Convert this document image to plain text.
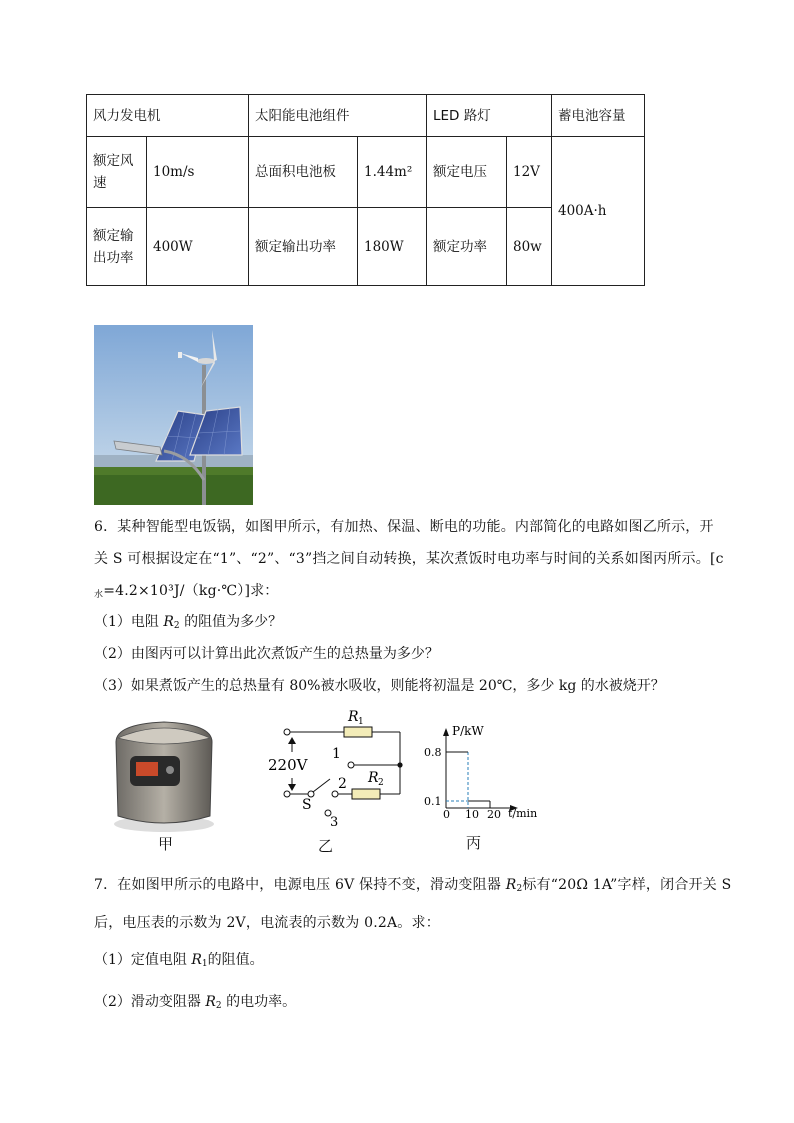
风力发电机		太阳能电池组件		LED 路灯		蓄电池容量
额定风速	10m/s	总面积电池板	1.44m²	额定电压	12V	400A·h
额定输出功率	400W	额定输出功率	180W	额定功率	80w	
6．某种智能型电饭锅，如图甲所示，有加热、保温、断电的功能。内部简化的电路如图乙所示，开
关 S 可根据设定在“1”、“2”、“3”挡之间自动转换，某次煮饭时电功率与时间的关系如图丙所示。[c
水=4.2×10³J/（kg·℃）]求：
（1）电阻 R2 的阻值为多少？
（2）由图丙可以计算出此次煮饭产生的总热量为多少？
（3）如果煮饭产生的总热量有 80%被水吸收，则能将初温是 20℃，多少 kg 的水被烧开？
220V
R 1
R 2
1
2
3
S
P/kW
t/min
0 10 20
0.8
0.1
甲	乙	丙
7．在如图甲所示的电路中，电源电压 6V 保持不变，滑动变阻器 R2标有“20Ω 1A”字样，闭合开关 S
后，电压表的示数为 2V，电流表的示数为 0.2A。求：
（1）定值电阻 R1的阻值。
（2）滑动变阻器 R2 的电功率。
